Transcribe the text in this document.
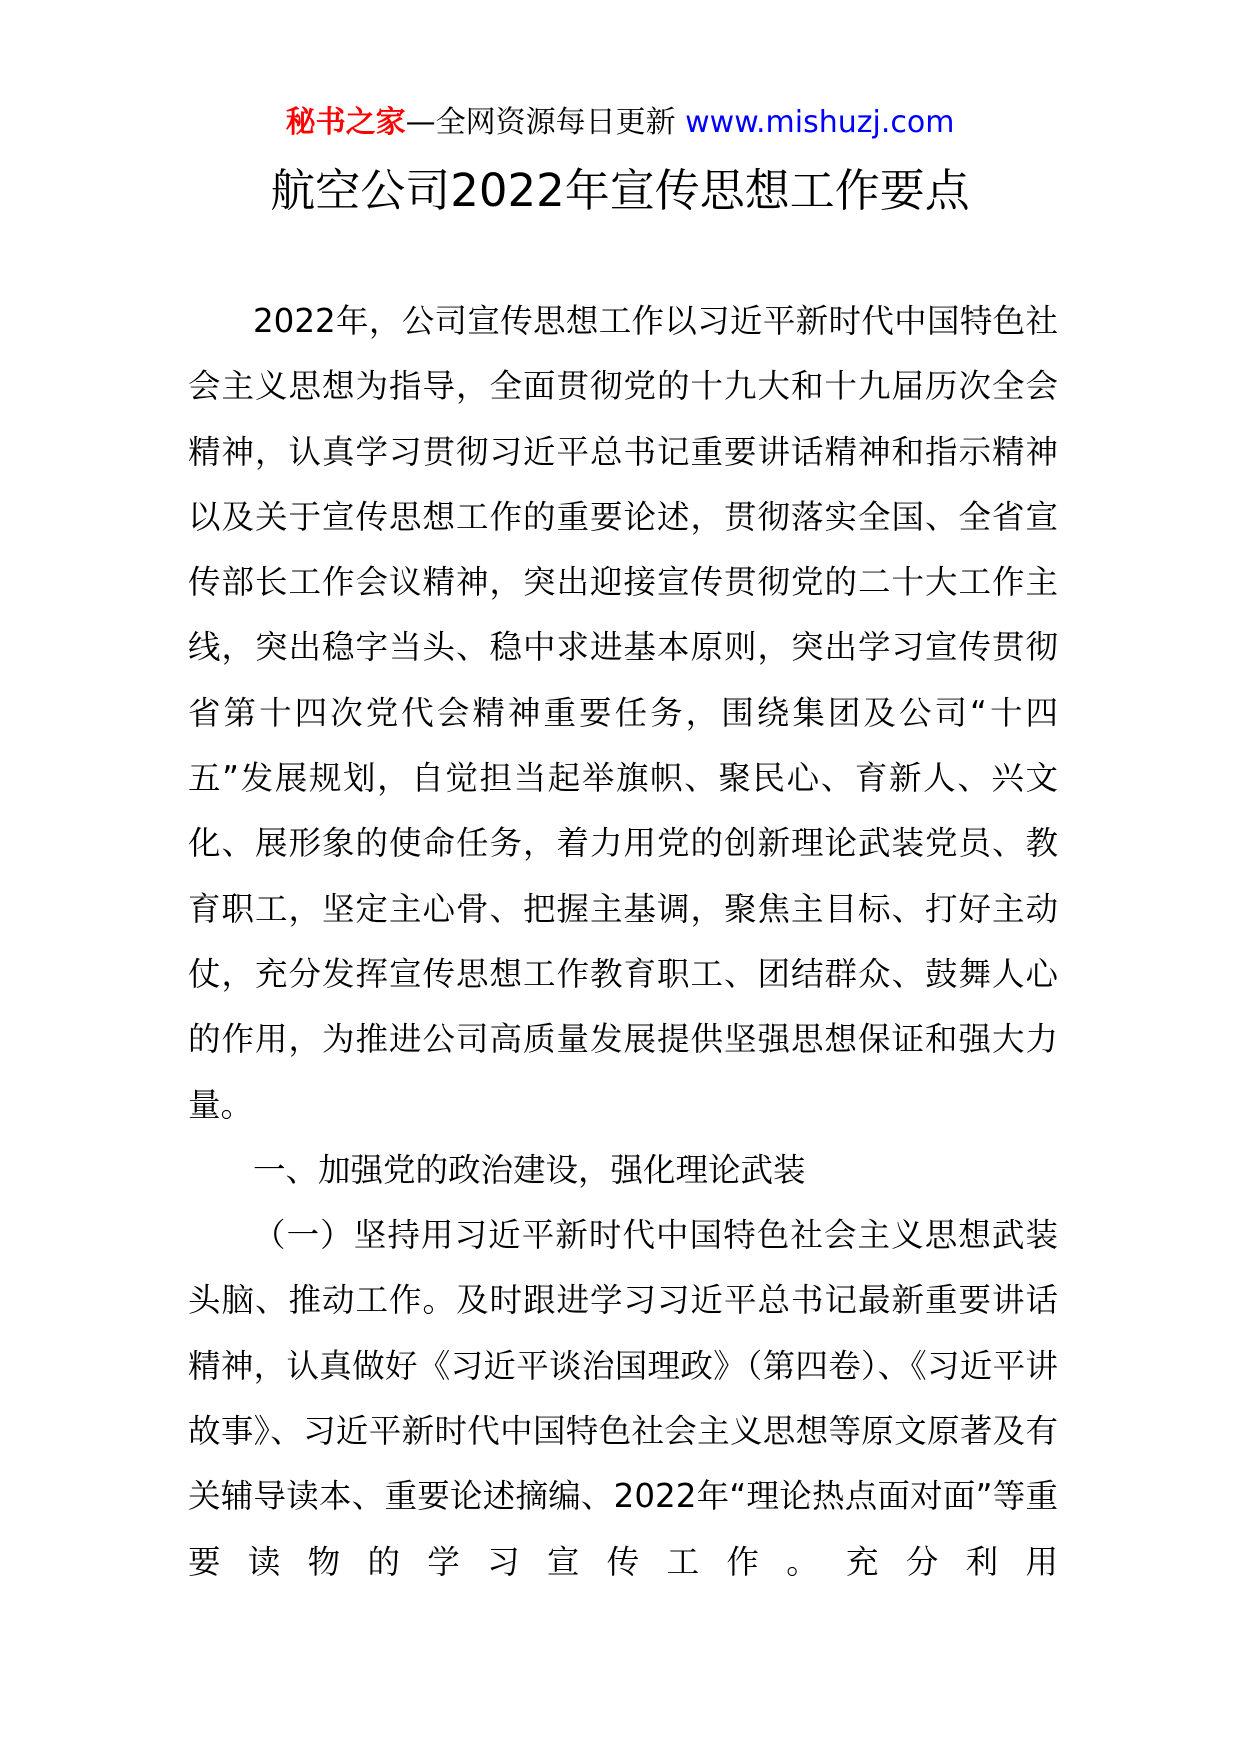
秘书之家—全网资源每日更新 www.mishuzj.com
航空公司2022年宣传思想工作要点

2022年，公司宣传思想工作以习近平新时代中国特色社会主义思想为指导，全面贯彻党的十九大和十九届历次全会精神，认真学习贯彻习近平总书记重要讲话精神和指示精神以及关于宣传思想工作的重要论述，贯彻落实全国、全省宣传部长工作会议精神，突出迎接宣传贯彻党的二十大工作主线，突出稳字当头、稳中求进基本原则，突出学习宣传贯彻省第十四次党代会精神重要任务，围绕集团及公司“十四五”发展规划，自觉担当起举旗帜、聚民心、育新人、兴文化、展形象的使命任务，着力用党的创新理论武装党员、教育职工，坚定主心骨、把握主基调，聚焦主目标、打好主动仗，充分发挥宣传思想工作教育职工、团结群众、鼓舞人心的作用，为推进公司高质量发展提供坚强思想保证和强大力量。

一、加强党的政治建设，强化理论武装

（一）坚持用习近平新时代中国特色社会主义思想武装头脑、推动工作。及时跟进学习习近平总书记最新重要讲话精神，认真做好《习近平谈治国理政》（第四卷）、《习近平讲故事》、习近平新时代中国特色社会主义思想等原文原著及有关辅导读本、重要论述摘编、2022年“理论热点面对面”等重要读物的学习宣传工作。充分利用
